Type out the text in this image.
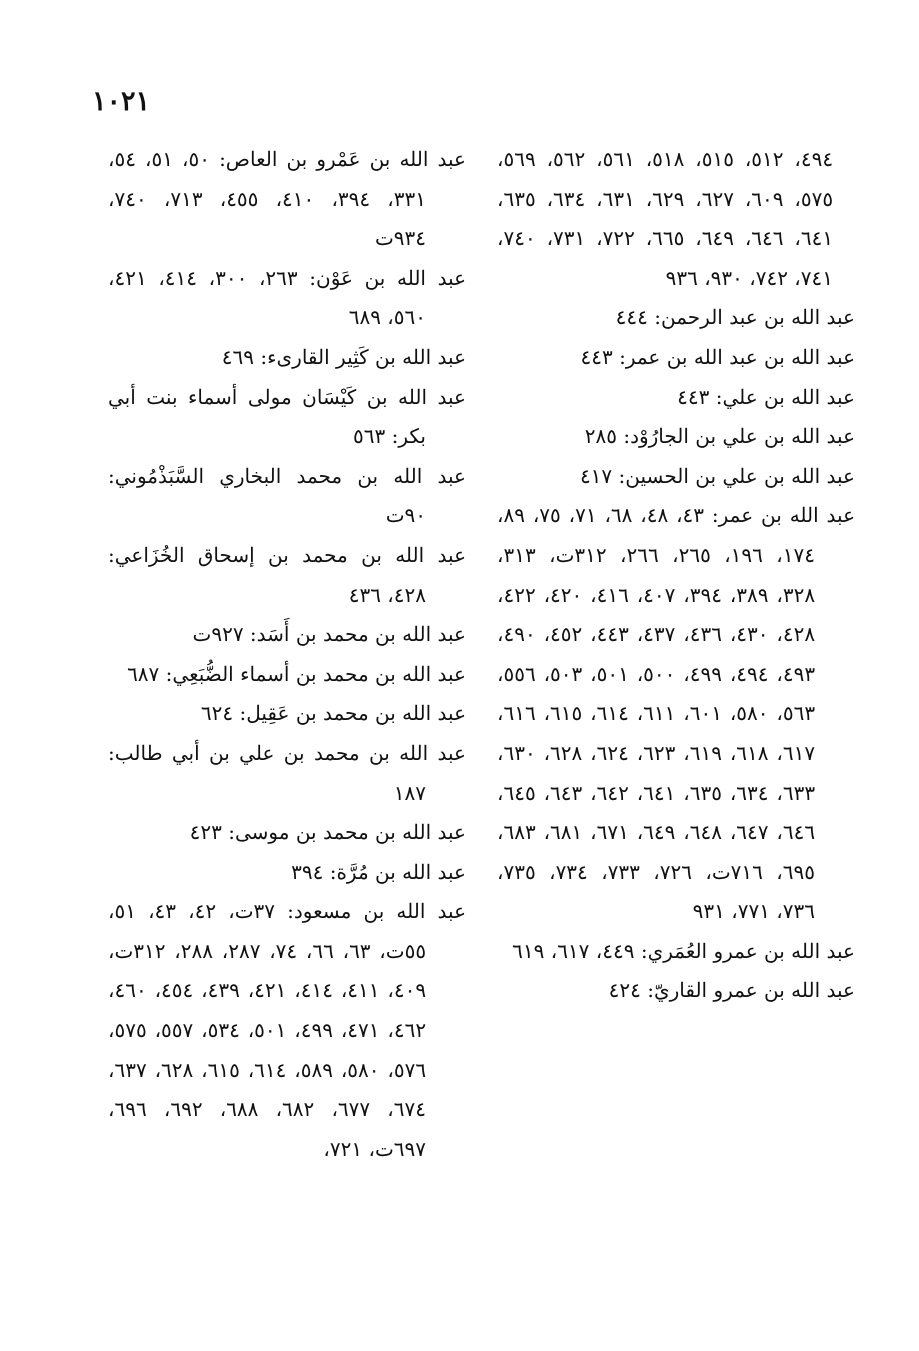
١٠٢١

٤٩٤، ٥١٢، ٥١٥، ٥١٨، ٥٦١، ٥٦٢، ٥٦٩، ٥٧٥، ٦٠٩، ٦٢٧، ٦٢٩، ٦٣١، ٦٣٤، ٦٣٥، ٦٤١، ٦٤٦، ٦٤٩، ٦٦٥، ٧٢٢، ٧٣١، ٧٤٠، ٧٤١، ٧٤٢، ٩٣٠، ٩٣٦

عبد الله بن عبد الرحمن: ٤٤٤

عبد الله بن عبد الله بن عمر: ٤٤٣

عبد الله بن علي: ٤٤٣

عبد الله بن علي بن الجارُوْد: ٢٨٥

عبد الله بن علي بن الحسين: ٤١٧

عبد الله بن عمر: ٤٣، ٤٨، ٦٨، ٧١، ٧٥، ٨٩، ١٧٤، ١٩٦، ٢٦٥، ٢٦٦، ٣١٢ت، ٣١٣، ٣٢٨، ٣٨٩، ٣٩٤، ٤٠٧، ٤١٦، ٤٢٠، ٤٢٢، ٤٢٨، ٤٣٠، ٤٣٦، ٤٣٧، ٤٤٣، ٤٥٢، ٤٩٠، ٤٩٣، ٤٩٤، ٤٩٩، ٥٠٠، ٥٠١، ٥٠٣، ٥٥٦، ٥٦٣، ٥٨٠، ٦٠١، ٦١١، ٦١٤، ٦١٥، ٦١٦، ٦١٧، ٦١٨، ٦١٩، ٦٢٣، ٦٢٤، ٦٢٨، ٦٣٠، ٦٣٣، ٦٣٤، ٦٣٥، ٦٤١، ٦٤٢، ٦٤٣، ٦٤٥، ٦٤٦، ٦٤٧، ٦٤٨، ٦٤٩، ٦٧١، ٦٨١، ٦٨٣، ٦٩٥، ٧١٦ت، ٧٢٦، ٧٣٣، ٧٣٤، ٧٣٥، ٧٣٦، ٧٧١، ٩٣١

عبد الله بن عمرو العُمَري: ٤٤٩، ٦١٧، ٦١٩

عبد الله بن عمرو القاريّ: ٤٢٤

عبد الله بن عَمْرو بن العاص: ٥٠، ٥١، ٥٤، ٣٣١، ٣٩٤، ٤١٠، ٤٥٥، ٧١٣، ٧٤٠، ٩٣٤ت

عبد الله بن عَوْن: ٢٦٣، ٣٠٠، ٤١٤، ٤٢١، ٥٦٠، ٦٨٩

عبد الله بن كَثِير القارىء: ٤٦٩

عبد الله بن كَيْسَان مولى أسماء بنت أبي بكر: ٥٦٣

عبد الله بن محمد البخاري السَّبَذْمُوني: ٩٠ت

عبد الله بن محمد بن إسحاق الخُزَاعي: ٤٢٨، ٤٣٦

عبد الله بن محمد بن أَسَد: ٩٢٧ت

عبد الله بن محمد بن أسماء الضُّبَعِي: ٦٨٧

عبد الله بن محمد بن عَقِيل: ٦٢٤

عبد الله بن محمد بن علي بن أبي طالب: ١٨٧

عبد الله بن محمد بن موسى: ٤٢٣

عبد الله بن مُرَّة: ٣٩٤

عبد الله بن مسعود: ٣٧ت، ٤٢، ٤٣، ٥١، ٥٥ت، ٦٣، ٦٦، ٧٤، ٢٨٧، ٢٨٨، ٣١٢ت، ٤٠٩، ٤١١، ٤١٤، ٤٢١، ٤٣٩، ٤٥٤، ٤٦٠، ٤٦٢، ٤٧١، ٤٩٩، ٥٠١، ٥٣٤، ٥٥٧، ٥٧٥، ٥٧٦، ٥٨٠، ٥٨٩، ٦١٤، ٦١٥، ٦٢٨، ٦٣٧، ٦٧٤، ٦٧٧، ٦٨٢، ٦٨٨، ٦٩٢، ٦٩٦، ٦٩٧ت، ٧٢١،
